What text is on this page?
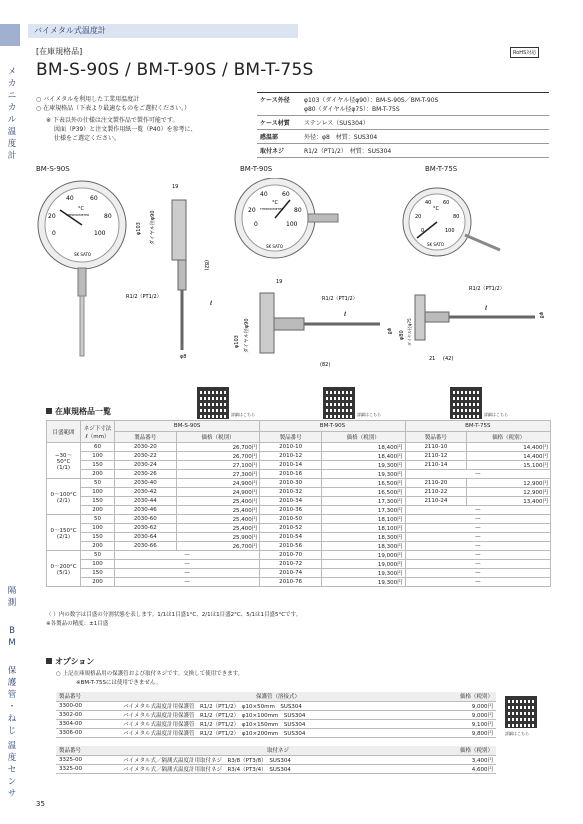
メ
カ
ニ
カ
ル
温
度
計
隔
測
B
M
保
護
管
・
ね
じ
温
度
セ
ン
サ
バイメタル式温度計
[在庫規格品]
BM-S-90S / BM-T-90S / BM-T-75S
RoHS対応
○ バイメタルを利用した工業用温度計
○ 在庫規格品（下表より最適なものをご選択ください。）
※ 下表以外の仕様は注文製作品で製作可能です。
図面（P39）と注文製作用紙一覧（P40）を参考に、
仕様をご選定ください。
ケース外径	φ103（ダイヤル径φ90）：BM-S-90S／BM-T-90S
φ80（ダイヤル径φ75）：BM-T-75S

ケース材質	ステンレス（SUS304）
感温部	外径：φ8　材質：SUS304
取付ネジ	R1/2（PT1/2）　材質：SUS304
BM-S-90S	BM-T-90S	BM-T-75S
°C
0
20
40	60
80
100
THERMOMETER
SK SATO
19
φ103 ダイヤル径φ90
(82)
R1/2（PT1/2）
ℓ
φ8
°C
0
20
40 60
80
100
THERMOMETER
SK SATO
19
φ103 ダイヤル径φ90
R1/2（PT1/2）
(82)
ℓ
φ8
°C
0
20
40 60
80
100
SK SATO
R1/2（PT1/2）
φ80 ダイヤル径φ75
21 (42)
ℓ
φ8
詳細はこちら	詳細はこちら	詳細はこちら
在庫規格品一覧
目盛範囲	ネジ下寸法
ℓ（mm）	BM-S-90S		BM-T-90S		BM-T-75S	
		製品番号	価格（税別）	製品番号	価格（税別）	製品番号	価格（税別）

−30〜50°C
(1/1)	60	2030-20	26,700円	2010-10	18,400円	2110-10	14,400円
	100	2030-22	26,700円	2010-12	18,400円	2110-12	14,400円
	150	2030-24	27,100円	2010-14	19,300円	2110-14	15,100円
	200	2030-26	27,300円	2010-16	19,300円	—	

0〜100°C
(2/1)	50	2030-40	24,900円	2010-30	16,500円	2110-20	12,900円
	100	2030-42	24,900円	2010-32	16,500円	2110-22	12,900円
	150	2030-44	25,400円	2010-34	17,300円	2110-24	13,400円
	200	2030-46	25,400円	2010-36	17,300円	—	

0〜150°C
(2/1)	50	2030-60	25,400円	2010-50	18,100円	—	
	100	2030-62	25,400円	2010-52	18,100円	—	
	150	2030-64	25,900円	2010-54	18,300円	—	
	200	2030-66	26,700円	2010-56	18,300円	—	

0〜200°C
(5/1)	50	—		2010-70	19,000円	—	
	100	—		2010-72	19,000円	—	
	150	—		2010-74	19,300円	—	
	200	—		2010-76	19,300円	—	
（ ）内の数字は目盛の分割状態を表します。1/1は1目盛1°C、2/1は1目盛2°C、5/1は1目盛5°Cです。
※各製品の精度：±1目盛
オプション
○ 上記在庫規格品用の保護管および取付ネジです。交換して使用できます。
※BM-T-75Sには使用できません。
製品番号	保護管（溶接式）	価格（税別）
3300-00	バイメタル式温度計用保護管　R1/2（PT1/2）　φ10×50mm　SUS304	9,000円
3302-00	バイメタル式温度計用保護管　R1/2（PT1/2）　φ10×100mm　SUS304	9,000円
3304-00	バイメタル式温度計用保護管　R1/2（PT1/2）　φ10×150mm　SUS304	9,100円
3306-00	バイメタル式温度計用保護管　R1/2（PT1/2）　φ10×200mm　SUS304	9,800円
製品番号	取付ネジ	価格（税別）
3325-00	バイメタル式／隔測式温度計用取付ネジ　R3/8（PT3/8）　SUS304	3,400円
3325-00	バイメタル式／隔測式温度計用取付ネジ　R3/4（PT3/4）　SUS304	4,600円
詳細はこちら
35
